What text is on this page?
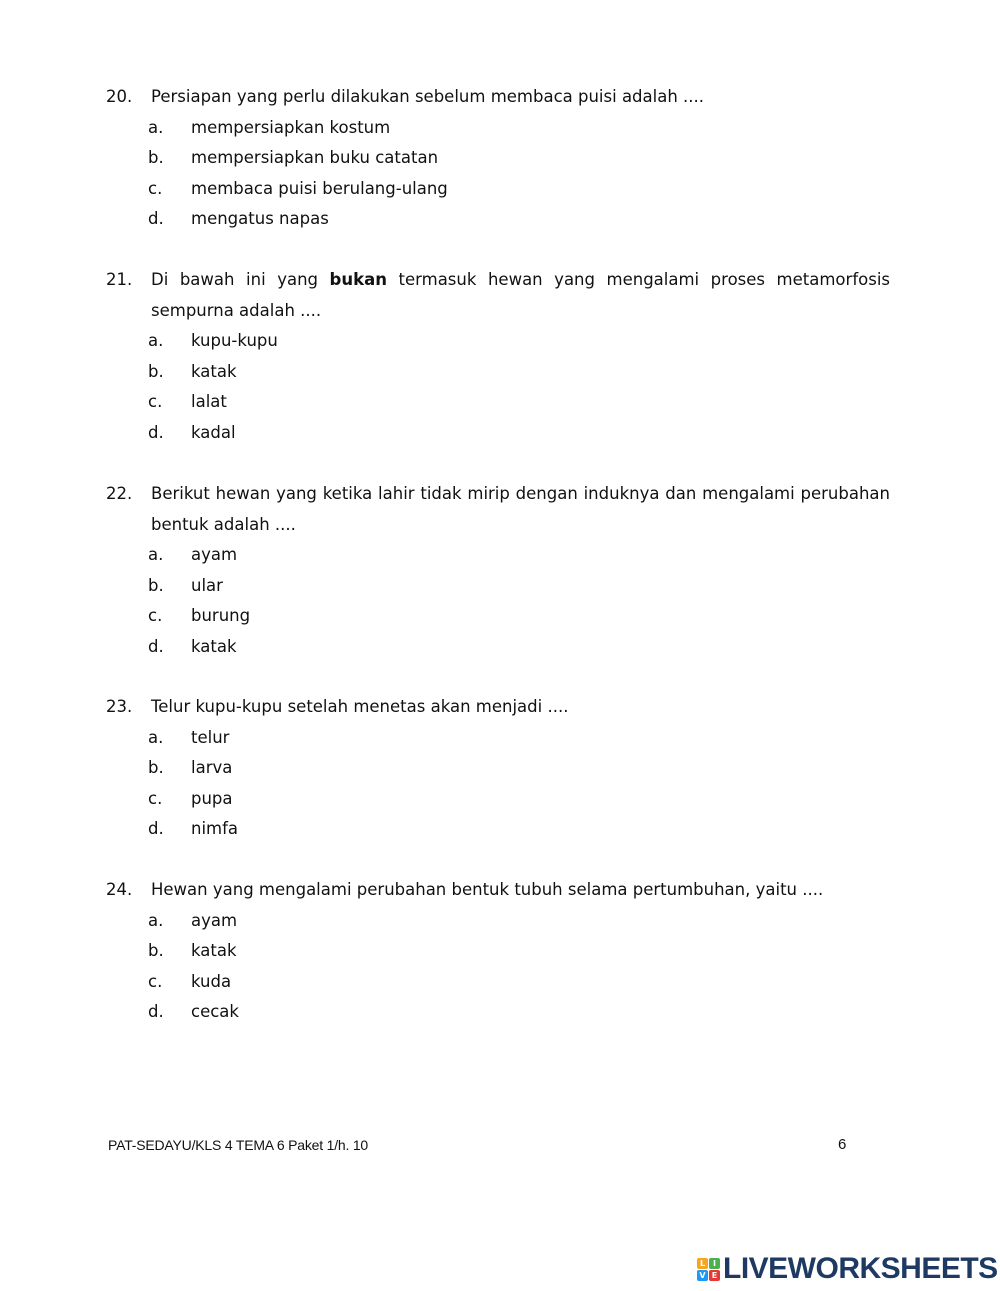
20.	Persiapan yang perlu dilakukan sebelum membaca puisi adalah ....
a.	mempersiapkan kostum
b.	mempersiapkan buku catatan
c.	membaca puisi berulang-ulang
d.	mengatus napas
21.	Di bawah ini yang bukan termasuk hewan yang mengalami proses metamorfosis sempurna adalah ....
a.	kupu-kupu
b.	katak
c.	lalat
d.	kadal
22.	Berikut hewan yang ketika lahir tidak mirip dengan induknya dan mengalami perubahan bentuk adalah ....
a.	ayam
b.	ular
c.	burung
d.	katak
23.	Telur kupu-kupu setelah menetas akan menjadi ....
a.	telur
b.	larva
c.	pupa
d.	nimfa
24.	Hewan yang mengalami perubahan bentuk tubuh selama pertumbuhan, yaitu ....
a.	ayam
b.	katak
c.	kuda
d.	cecak
PAT-SEDAYU/KLS 4 TEMA 6 Paket 1/h. 10	6
L I
V E LIVEWORKSHEETS
